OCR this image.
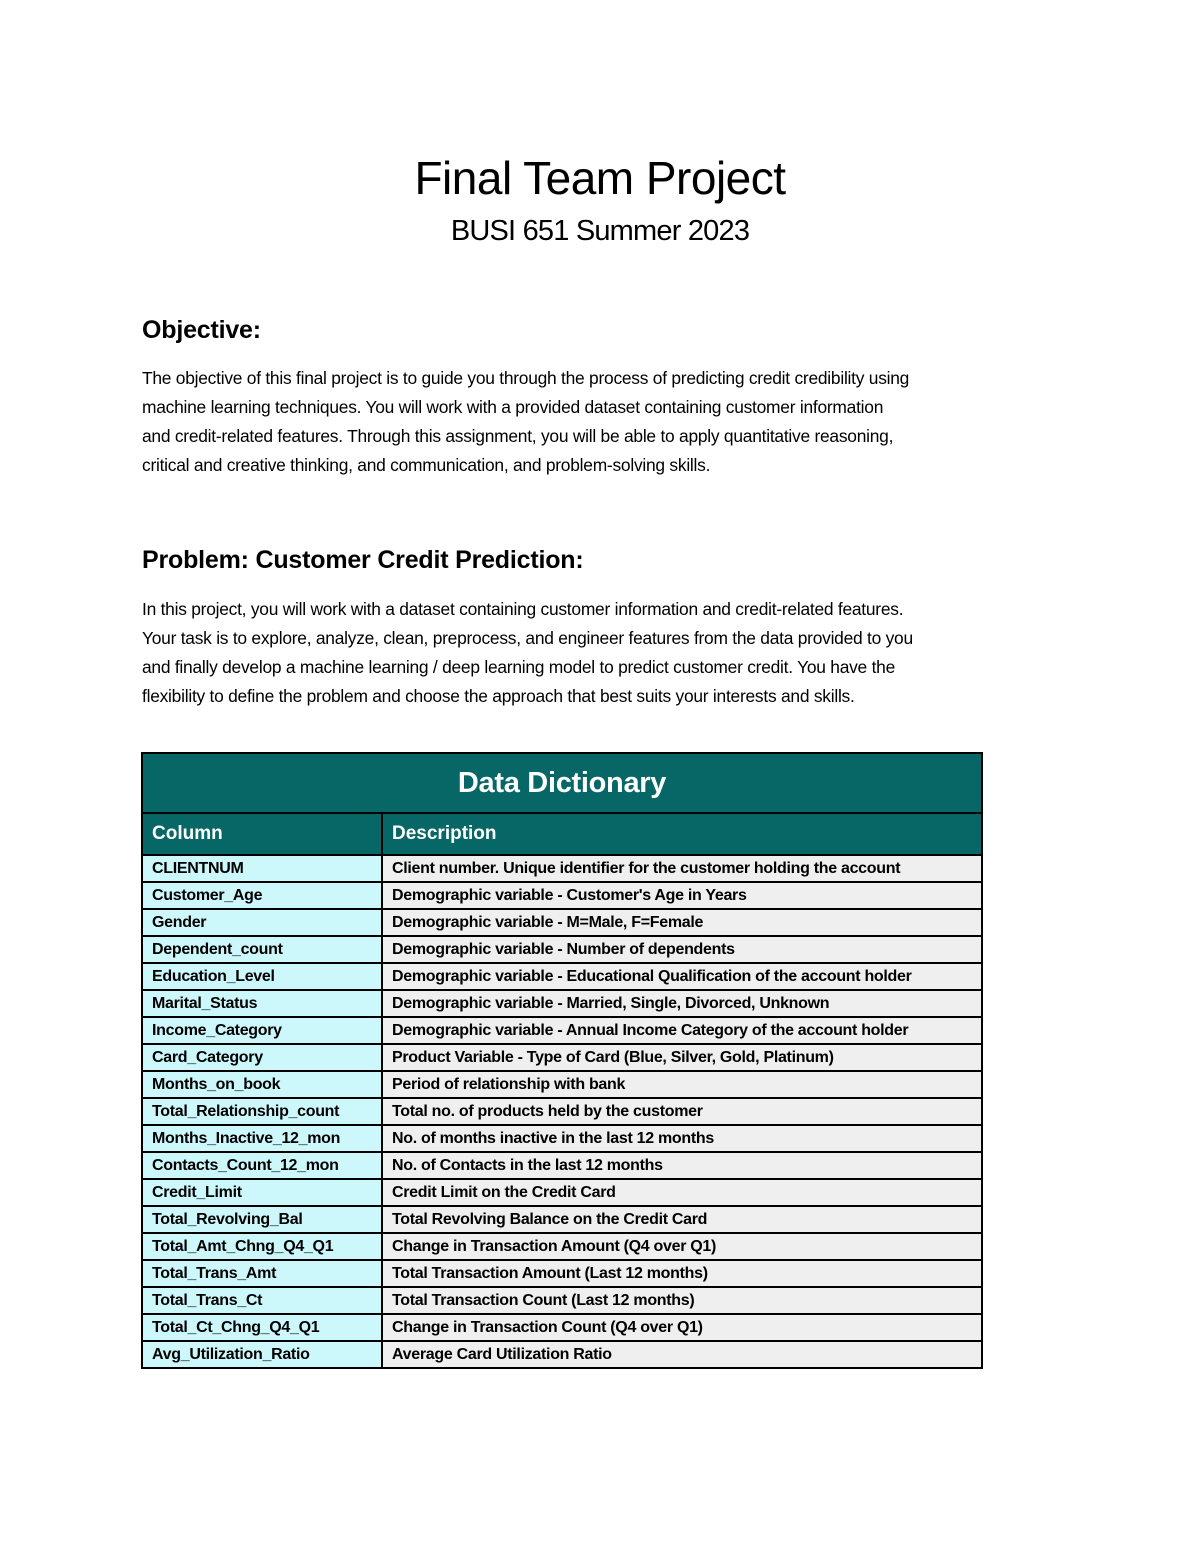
Final Team Project
BUSI 651 Summer 2023
Objective:
The objective of this final project is to guide you through the process of predicting credit credibility using
machine learning techniques. You will work with a provided dataset containing customer information
and credit-related features. Through this assignment, you will be able to apply quantitative reasoning,
critical and creative thinking, and communication, and problem-solving skills.
Problem: Customer Credit Prediction:
In this project, you will work with a dataset containing customer information and credit-related features.
Your task is to explore, analyze, clean, preprocess, and engineer features from the data provided to you
and finally develop a machine learning / deep learning model to predict customer credit. You have the
flexibility to define the problem and choose the approach that best suits your interests and skills.
Data Dictionary	
Column	Description
CLIENTNUM	Client number. Unique identifier for the customer holding the account
Customer_Age	Demographic variable - Customer's Age in Years
Gender	Demographic variable - M=Male, F=Female
Dependent_count	Demographic variable - Number of dependents
Education_Level	Demographic variable - Educational Qualification of the account holder
Marital_Status	Demographic variable - Married, Single, Divorced, Unknown
Income_Category	Demographic variable - Annual Income Category of the account holder
Card_Category	Product Variable - Type of Card (Blue, Silver, Gold, Platinum)
Months_on_book	Period of relationship with bank
Total_Relationship_count	Total no. of products held by the customer
Months_Inactive_12_mon	No. of months inactive in the last 12 months
Contacts_Count_12_mon	No. of Contacts in the last 12 months
Credit_Limit	Credit Limit on the Credit Card
Total_Revolving_Bal	Total Revolving Balance on the Credit Card
Total_Amt_Chng_Q4_Q1	Change in Transaction Amount (Q4 over Q1)
Total_Trans_Amt	Total Transaction Amount (Last 12 months)
Total_Trans_Ct	Total Transaction Count (Last 12 months)
Total_Ct_Chng_Q4_Q1	Change in Transaction Count (Q4 over Q1)
Avg_Utilization_Ratio	Average Card Utilization Ratio
